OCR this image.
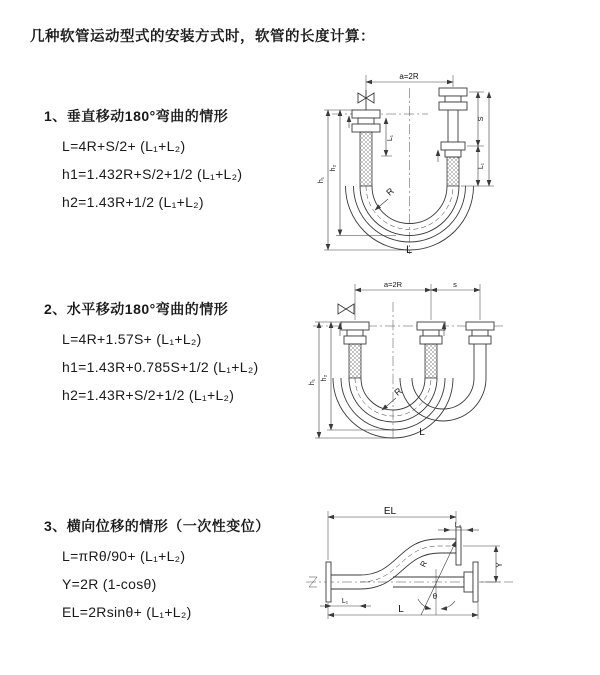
几种软管运动型式的安装方式时，软管的长度计算：
1、垂直移动180°弯曲的情形

L=4R+S/2+ (L₁+L₂)

h1=1.432R+S/2+1/2 (L₁+L₂)

h2=1.43R+1/2 (L₁+L₂)

2、水平移动180°弯曲的情形

L=4R+1.57S+ (L₁+L₂)

h1=1.43R+0.785S+1/2 (L₁+L₂)

h2=1.43R+S/2+1/2 (L₁+L₂)

3、横向位移的情形（一次性变位）

L=πRθ/90+ (L₁+L₂)

Y=2R (1-cosθ)

EL=2Rsinθ+ (L₁+L₂)

a=2R
L₁
h₁
h₂
S
L₁
R
L
a=2R	s
h₁
h₂
R
L
EL
L₂
Y
R
θ
L₁
L
